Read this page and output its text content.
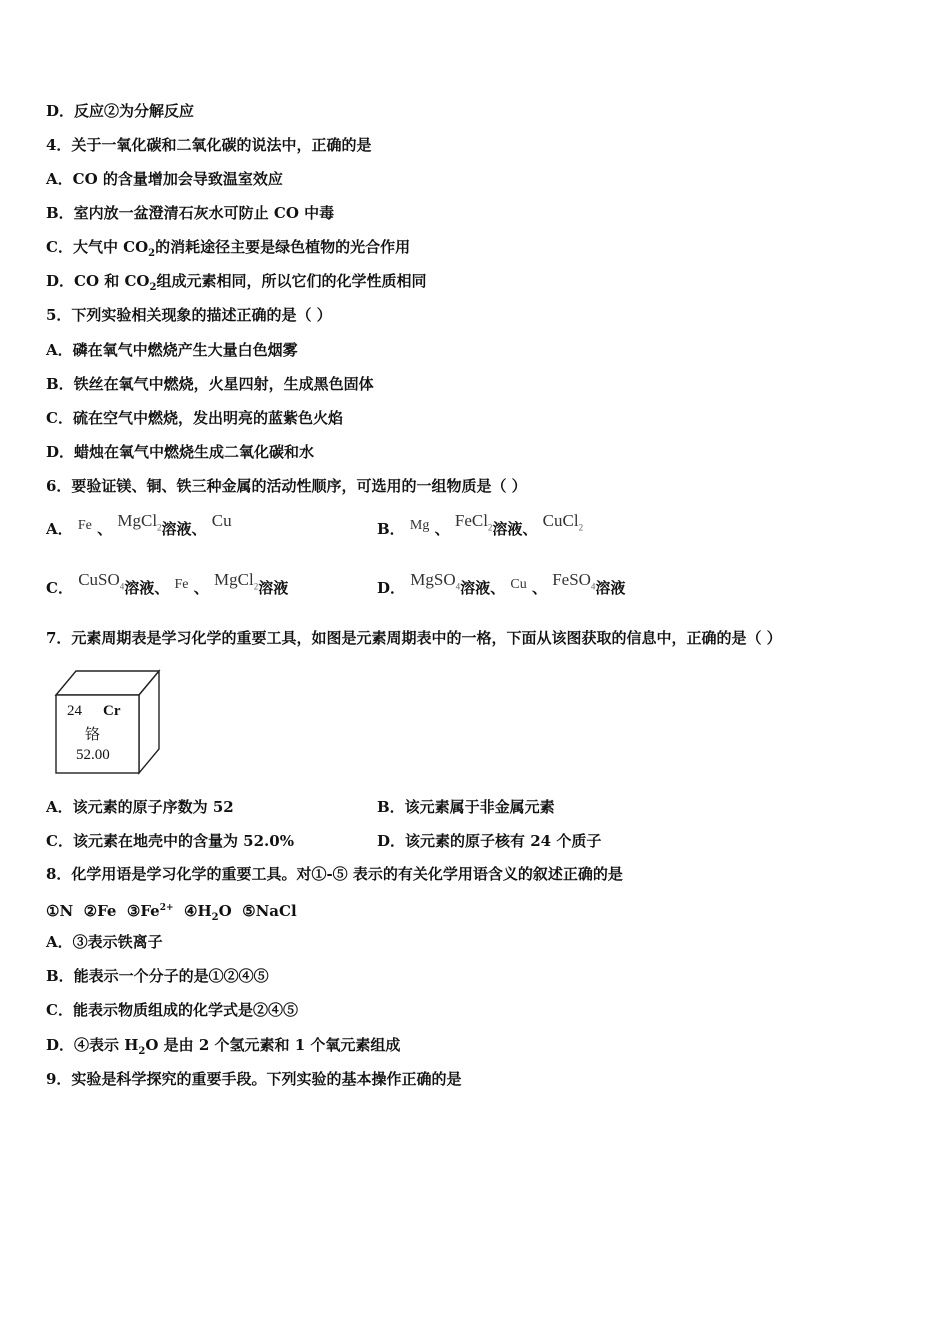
D．反应②为分解反应
4．关于一氧化碳和二氧化碳的说法中，正确的是
A．CO 的含量增加会导致温室效应
B．室内放一盆澄清石灰水可防止 CO 中毒
C．大气中 $CO_2$的消耗途径主要是绿色植物的光合作用
D．CO 和 $CO_2$组成元素相同，所以它们的化学性质相同
5．下列实验相关现象的描述正确的是（ ）
A．磷在氧气中燃烧产生大量白色烟雾
B．铁丝在氧气中燃烧，火星四射，生成黑色固体
C．硫在空气中燃烧，发出明亮的蓝紫色火焰
D．蜡烛在氧气中燃烧生成二氧化碳和水
6．要验证镁、铜、铁三种金属的活动性顺序，可选用的一组物质是（ ）
A． Fe 、 MgCl$_2$溶液、 Cu	B． Mg 、 FeCl$_2$溶液、 CuCl$_2$
C． CuSO$_4$溶液、 Fe 、 MgCl$_2$溶液	D． MgSO$_4$溶液、 Cu 、 FeSO$_4$溶液
7．元素周期表是学习化学的重要工具，如图是元素周期表中的一格，下面从该图获取的信息中，正确的是（ ）
24 Cr
铬
52.00
A．该元素的原子序数为 52	B．该元素属于非金属元素
C．该元素在地壳中的含量为 52.0%	D．该元素的原子核有 24 个质子
8．化学用语是学习化学的重要工具。对①-⑤ 表示的有关化学用语含义的叙述正确的是
①N ②Fe $③Fe^{2+}$ $④H_2O$ ⑤NaCl
A．③表示铁离子
B．能表示一个分子的是①②④⑤
C．能表示物质组成的化学式是②④⑤
D．④表示 $H_2O$ 是由 2 个氢元素和 1 个氧元素组成
9．实验是科学探究的重要手段。下列实验的基本操作正确的是
